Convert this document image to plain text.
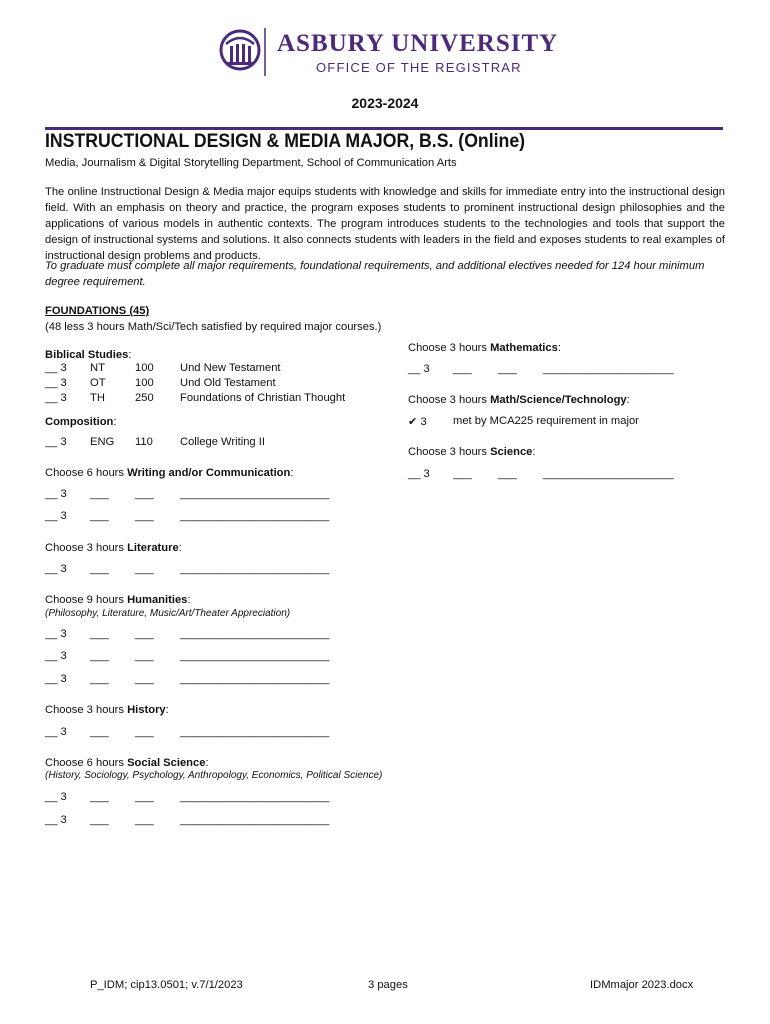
ASBURY UNIVERSITY
OFFICE OF THE REGISTRAR
2023-2024
INSTRUCTIONAL DESIGN & MEDIA MAJOR, B.S. (Online)
Media, Journalism & Digital Storytelling Department, School of Communication Arts
The online Instructional Design & Media major equips students with knowledge and skills for immediate entry into the instructional design field. With an emphasis on theory and practice, the program exposes students to prominent instructional design philosophies and the applications of various models in authentic contexts. The program introduces students to the technologies and tools that support the design of instructional systems and solutions. It also connects students with leaders in the field and exposes students to real examples of instructional design problems and products.
To graduate must complete all major requirements, foundational requirements, and additional electives needed for 124 hour minimum degree requirement.
FOUNDATIONS (45)
(48 less 3 hours Math/Sci/Tech satisfied by required major courses.)
Biblical Studies:
__ 3 NT	100 Und New Testament
__ 3 OT	100 Und Old Testament
__ 3 TH	250 Foundations of Christian Thought
Composition:
__ 3 ENG 110 College Writing II
Choose 6 hours Writing and/or Communication:
__ 3 ___ ___ ________________________
__ 3 ___ ___ ________________________
Choose 3 hours Literature:
__ 3 ___ ___ ________________________
Choose 9 hours Humanities:
(Philosophy, Literature, Music/Art/Theater Appreciation)
__ 3 ___ ___ ________________________
__ 3 ___ ___ ________________________
__ 3 ___ ___ ________________________
Choose 3 hours History:
__ 3 ___ ___ ________________________
Choose 6 hours Social Science:
(History, Sociology, Psychology, Anthropology, Economics, Political Science)
__ 3 ___ ___ ________________________
__ 3 ___ ___ ________________________
Choose 3 hours Mathematics:
__ 3 ___ ___ _____________________
Choose 3 hours Math/Science/Technology:
✔ 3 met by MCA225 requirement in major
Choose 3 hours Science:
__ 3 ___ ___ _____________________
P_IDM; cip13.0501; v.7/1/2023	3 pages	IDMmajor 2023.docx
